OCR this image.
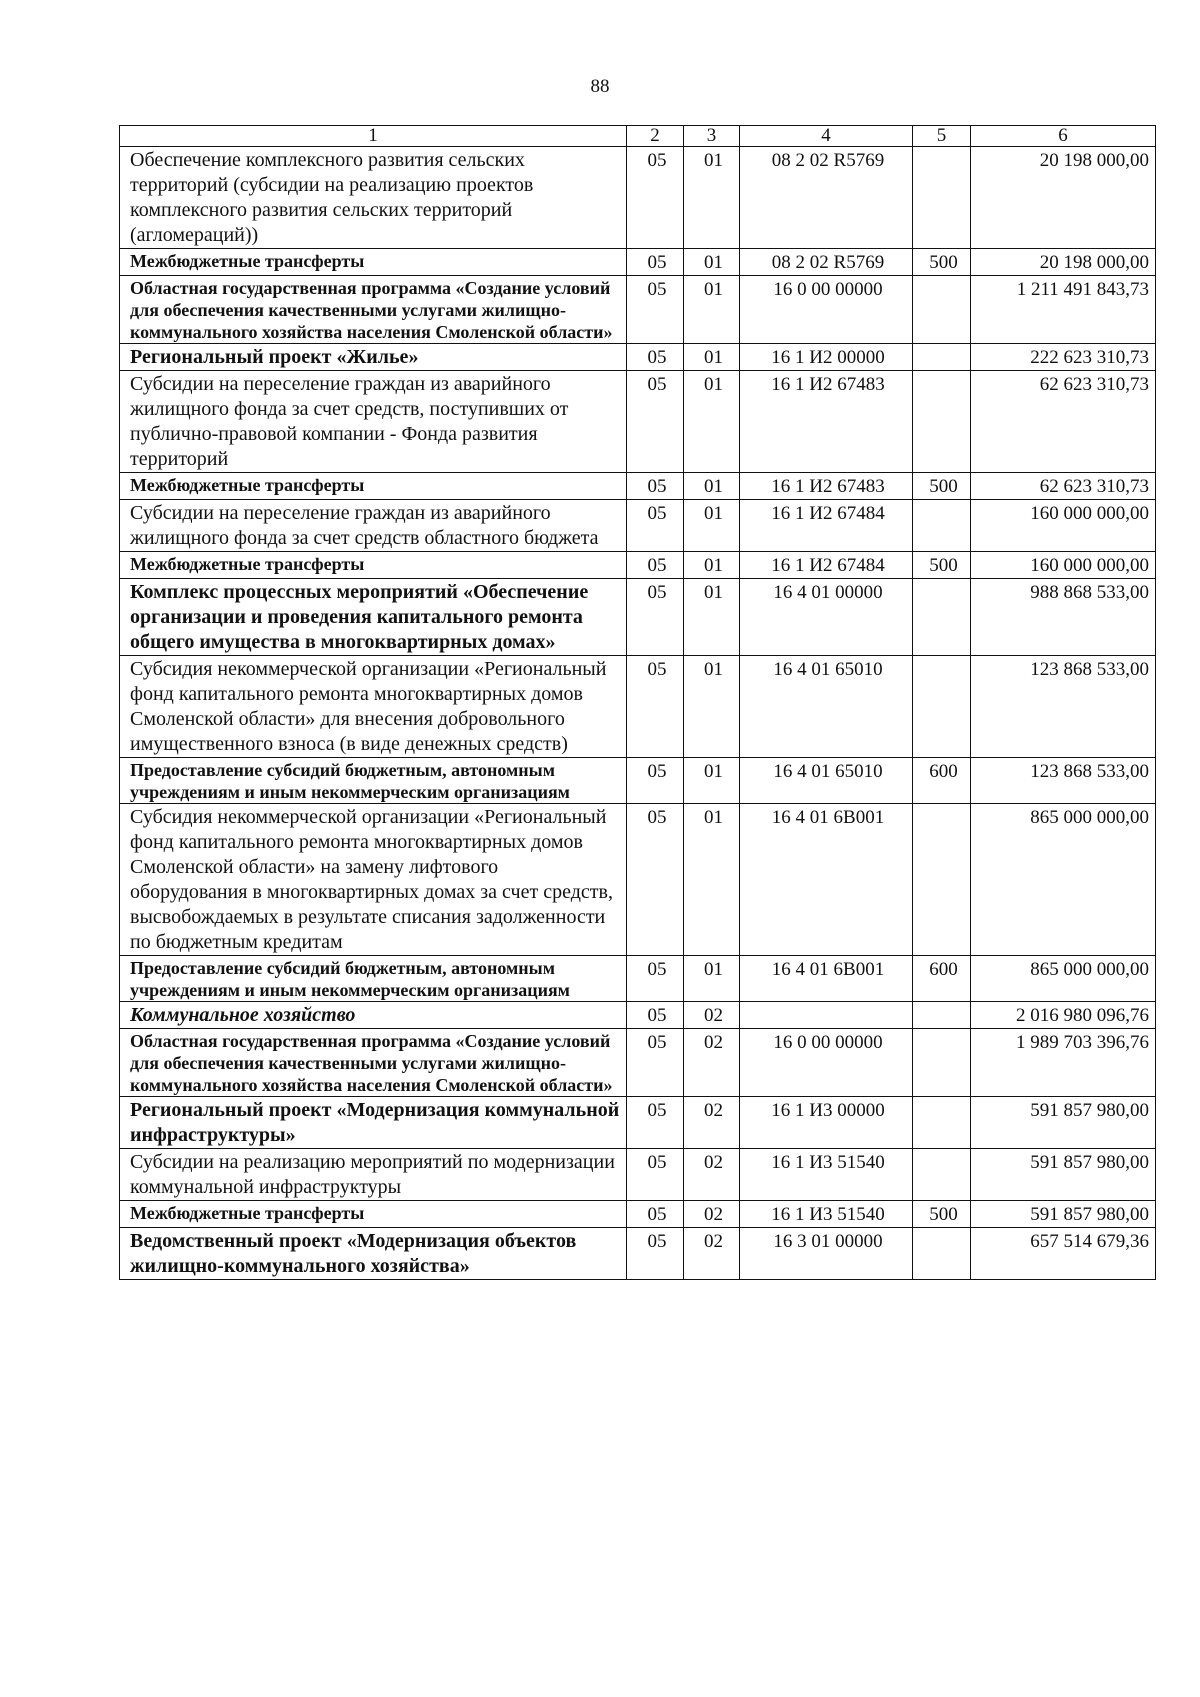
88
1	2	3	4	5	6
Обеспечение комплексного развития сельских территорий (субсидии на реализацию проектов комплексного развития сельских территорий (агломераций))	05	01	08 2 02 R5769		20 198 000,00
Межбюджетные трансферты	05	01	08 2 02 R5769	500	20 198 000,00
Областная государственная программа «Создание условий для обеспечения качественными услугами жилищно-коммунального хозяйства населения Смоленской области»	05	01	16 0 00 00000		1 211 491 843,73
Региональный проект «Жилье»	05	01	16 1 И2 00000		222 623 310,73
Субсидии на переселение граждан из аварийного жилищного фонда за счет средств, поступивших от публично-правовой компании - Фонда развития территорий	05	01	16 1 И2 67483		62 623 310,73
Межбюджетные трансферты	05	01	16 1 И2 67483	500	62 623 310,73
Субсидии на переселение граждан из аварийного жилищного фонда за счет средств областного бюджета	05	01	16 1 И2 67484		160 000 000,00
Межбюджетные трансферты	05	01	16 1 И2 67484	500	160 000 000,00
Комплекс процессных мероприятий «Обеспечение организации и проведения капитального ремонта общего имущества в многоквартирных домах»	05	01	16 4 01 00000		988 868 533,00
Субсидия некоммерческой организации «Региональный фонд капитального ремонта многоквартирных домов Смоленской области» для внесения добровольного имущественного взноса (в виде денежных средств)	05	01	16 4 01 65010		123 868 533,00
Предоставление субсидий бюджетным, автономным учреждениям и иным некоммерческим организациям	05	01	16 4 01 65010	600	123 868 533,00
Субсидия некоммерческой организации «Региональный фонд капитального ремонта многоквартирных домов Смоленской области» на замену лифтового оборудования в многоквартирных домах за счет средств, высвобождаемых в результате списания задолженности по бюджетным кредитам	05	01	16 4 01 6В001		865 000 000,00
Предоставление субсидий бюджетным, автономным учреждениям и иным некоммерческим организациям	05	01	16 4 01 6В001	600	865 000 000,00
Коммунальное хозяйство	05	02			2 016 980 096,76
Областная государственная программа «Создание условий для обеспечения качественными услугами жилищно-коммунального хозяйства населения Смоленской области»	05	02	16 0 00 00000		1 989 703 396,76
Региональный проект «Модернизация коммунальной инфраструктуры»	05	02	16 1 И3 00000		591 857 980,00
Субсидии на реализацию мероприятий по модернизации коммунальной инфраструктуры	05	02	16 1 И3 51540		591 857 980,00
Межбюджетные трансферты	05	02	16 1 И3 51540	500	591 857 980,00
Ведомственный проект «Модернизация объектов жилищно-коммунального хозяйства»	05	02	16 3 01 00000		657 514 679,36
